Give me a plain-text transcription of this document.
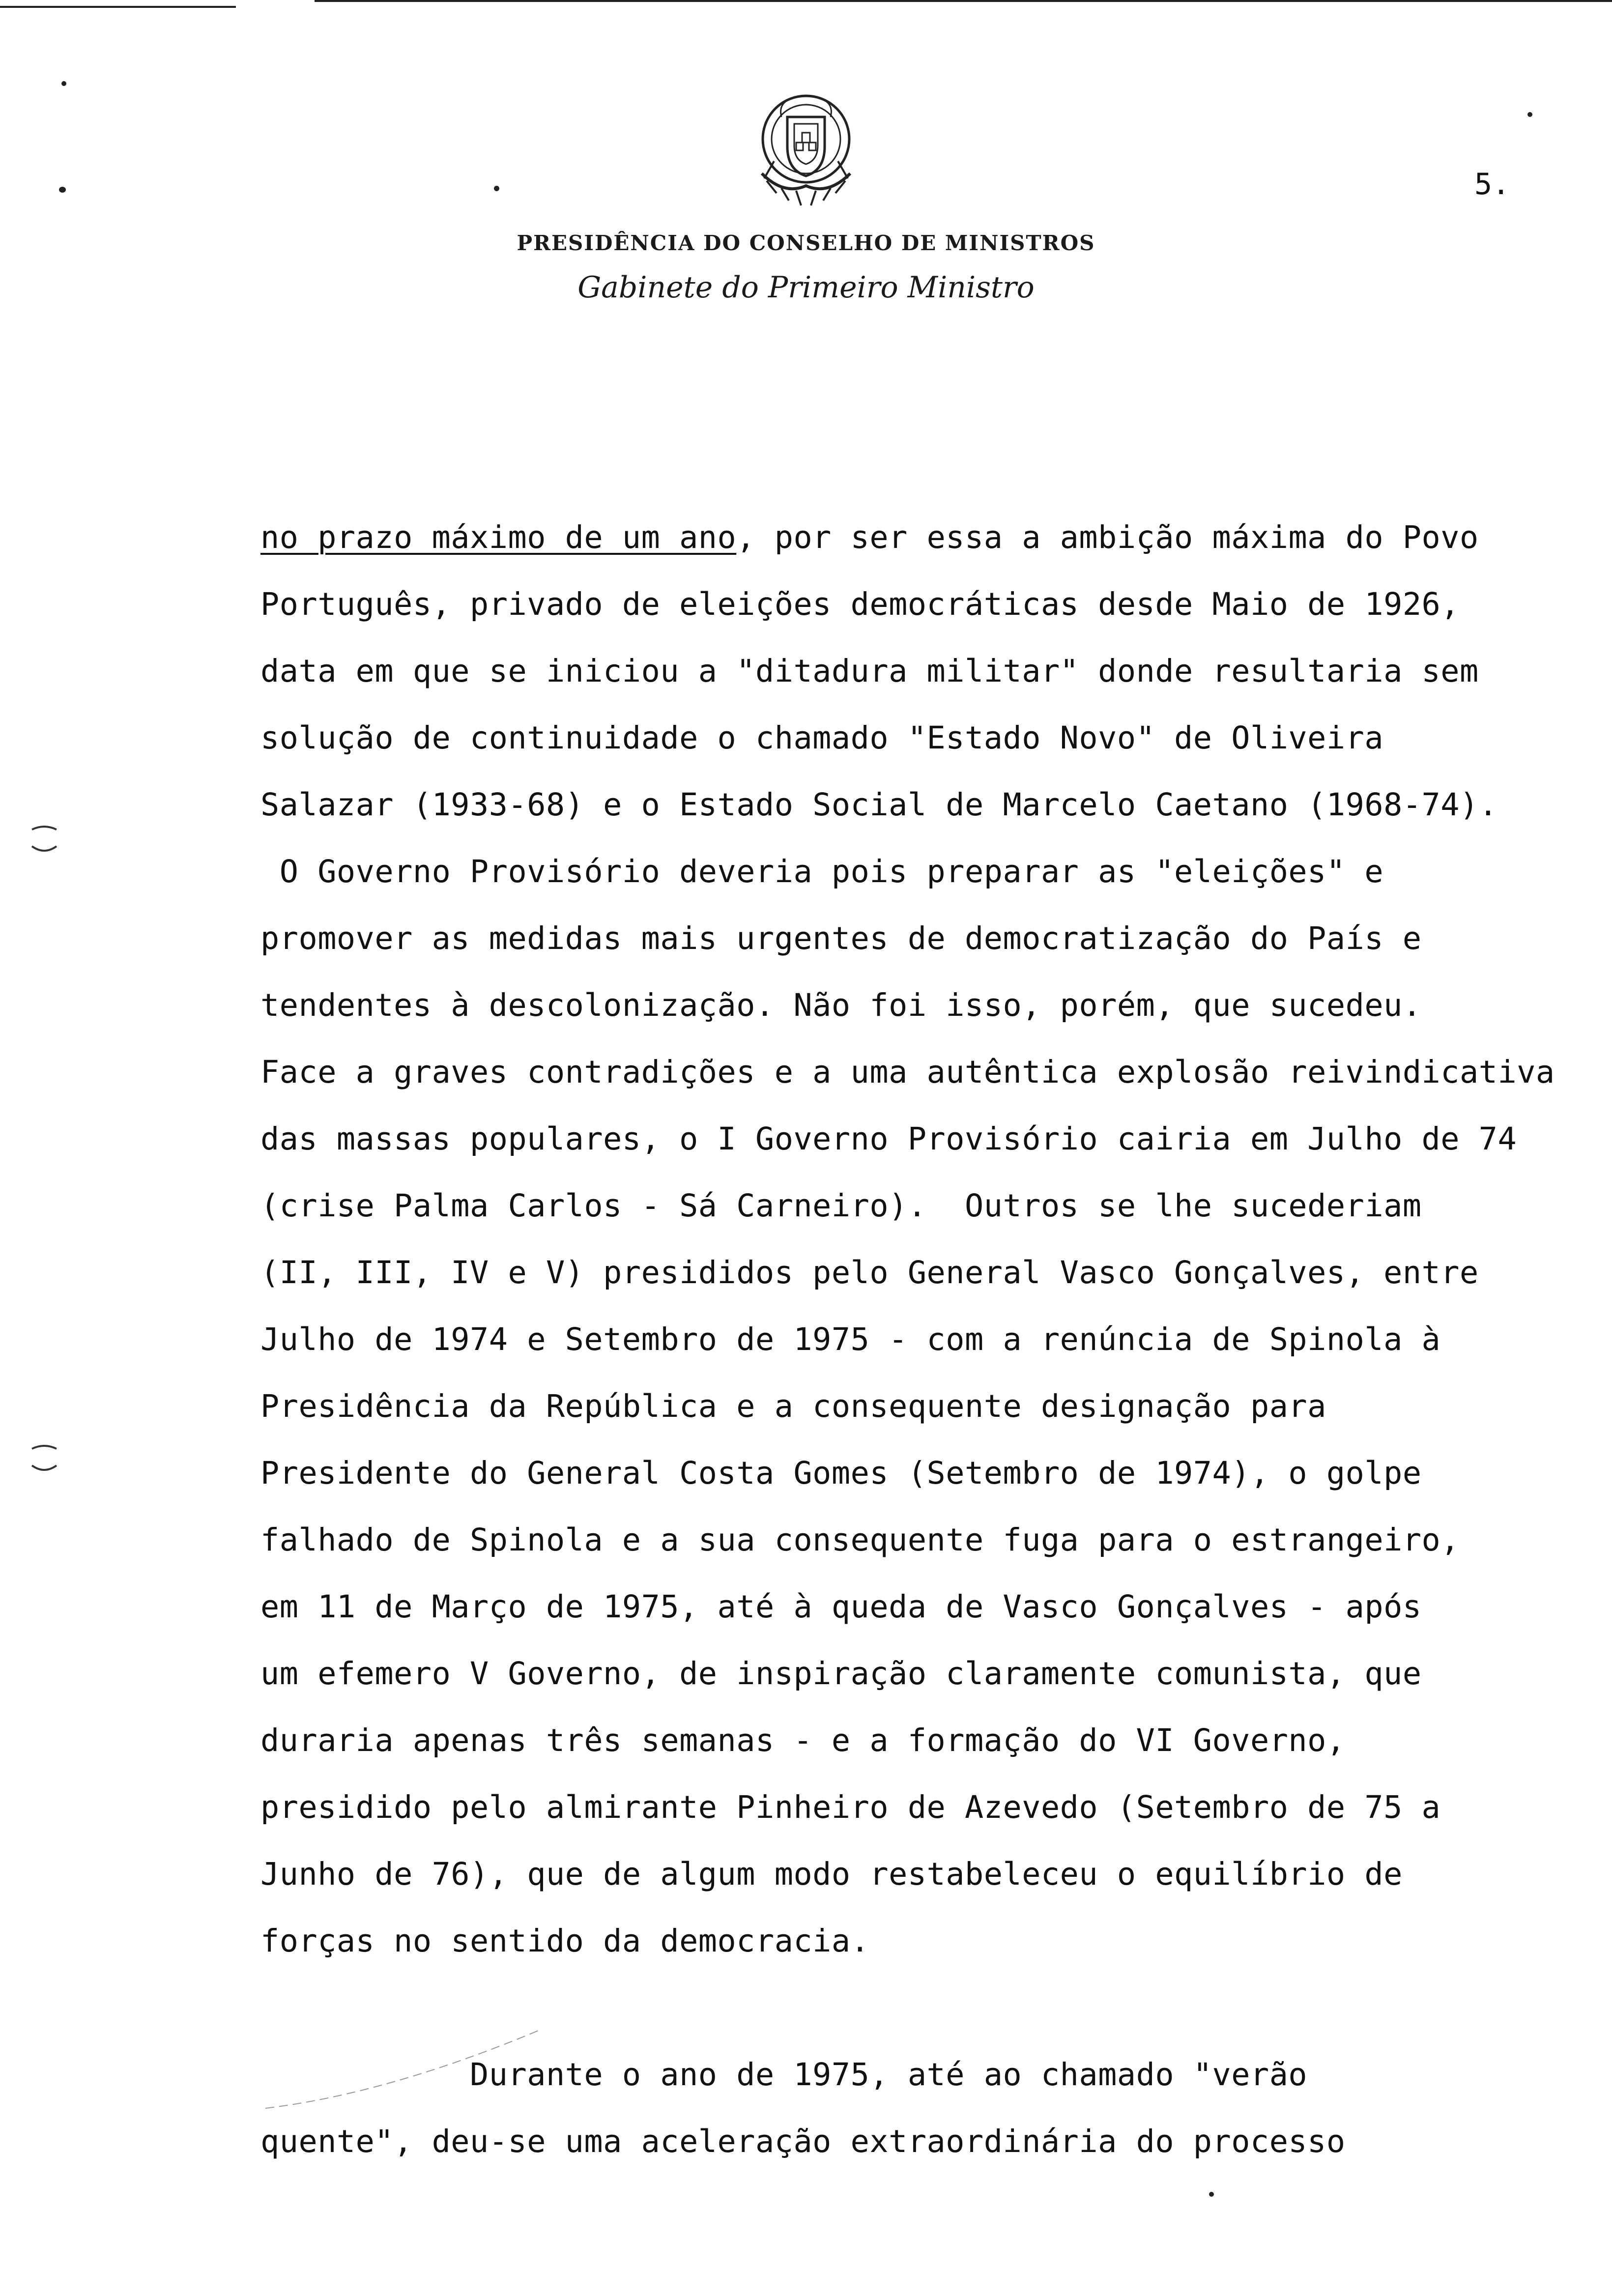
5.
PRESIDÊNCIA DO CONSELHO DE MINISTROS
Gabinete do Primeiro Ministro
no prazo máximo de um ano, por ser essa a ambição máxima do Povo
Português, privado de eleições democráticas desde Maio de 1926,
data em que se iniciou a "ditadura militar" donde resultaria sem
solução de continuidade o chamado "Estado Novo" de Oliveira
Salazar (1933-68) e o Estado Social de Marcelo Caetano (1968-74).
O Governo Provisório deveria pois preparar as "eleições" e
promover as medidas mais urgentes de democratização do País e
tendentes à descolonização. Não foi isso, porém, que sucedeu.
Face a graves contradições e a uma autêntica explosão reivindicativa
das massas populares, o I Governo Provisório cairia em Julho de 74
(crise Palma Carlos - Sá Carneiro).  Outros se lhe sucederiam
(II, III, IV e V) presididos pelo General Vasco Gonçalves, entre
Julho de 1974 e Setembro de 1975 - com a renúncia de Spinola à
Presidência da República e a consequente designação para
Presidente do General Costa Gomes (Setembro de 1974), o golpe
falhado de Spinola e a sua consequente fuga para o estrangeiro,
em 11 de Março de 1975, até à queda de Vasco Gonçalves - após
um efemero V Governo, de inspiração claramente comunista, que
duraria apenas três semanas - e a formação do VI Governo,
presidido pelo almirante Pinheiro de Azevedo (Setembro de 75 a
Junho de 76), que de algum modo restabeleceu o equilíbrio de
forças no sentido da democracia.
Durante o ano de 1975, até ao chamado "verão
quente", deu-se uma aceleração extraordinária do processo
